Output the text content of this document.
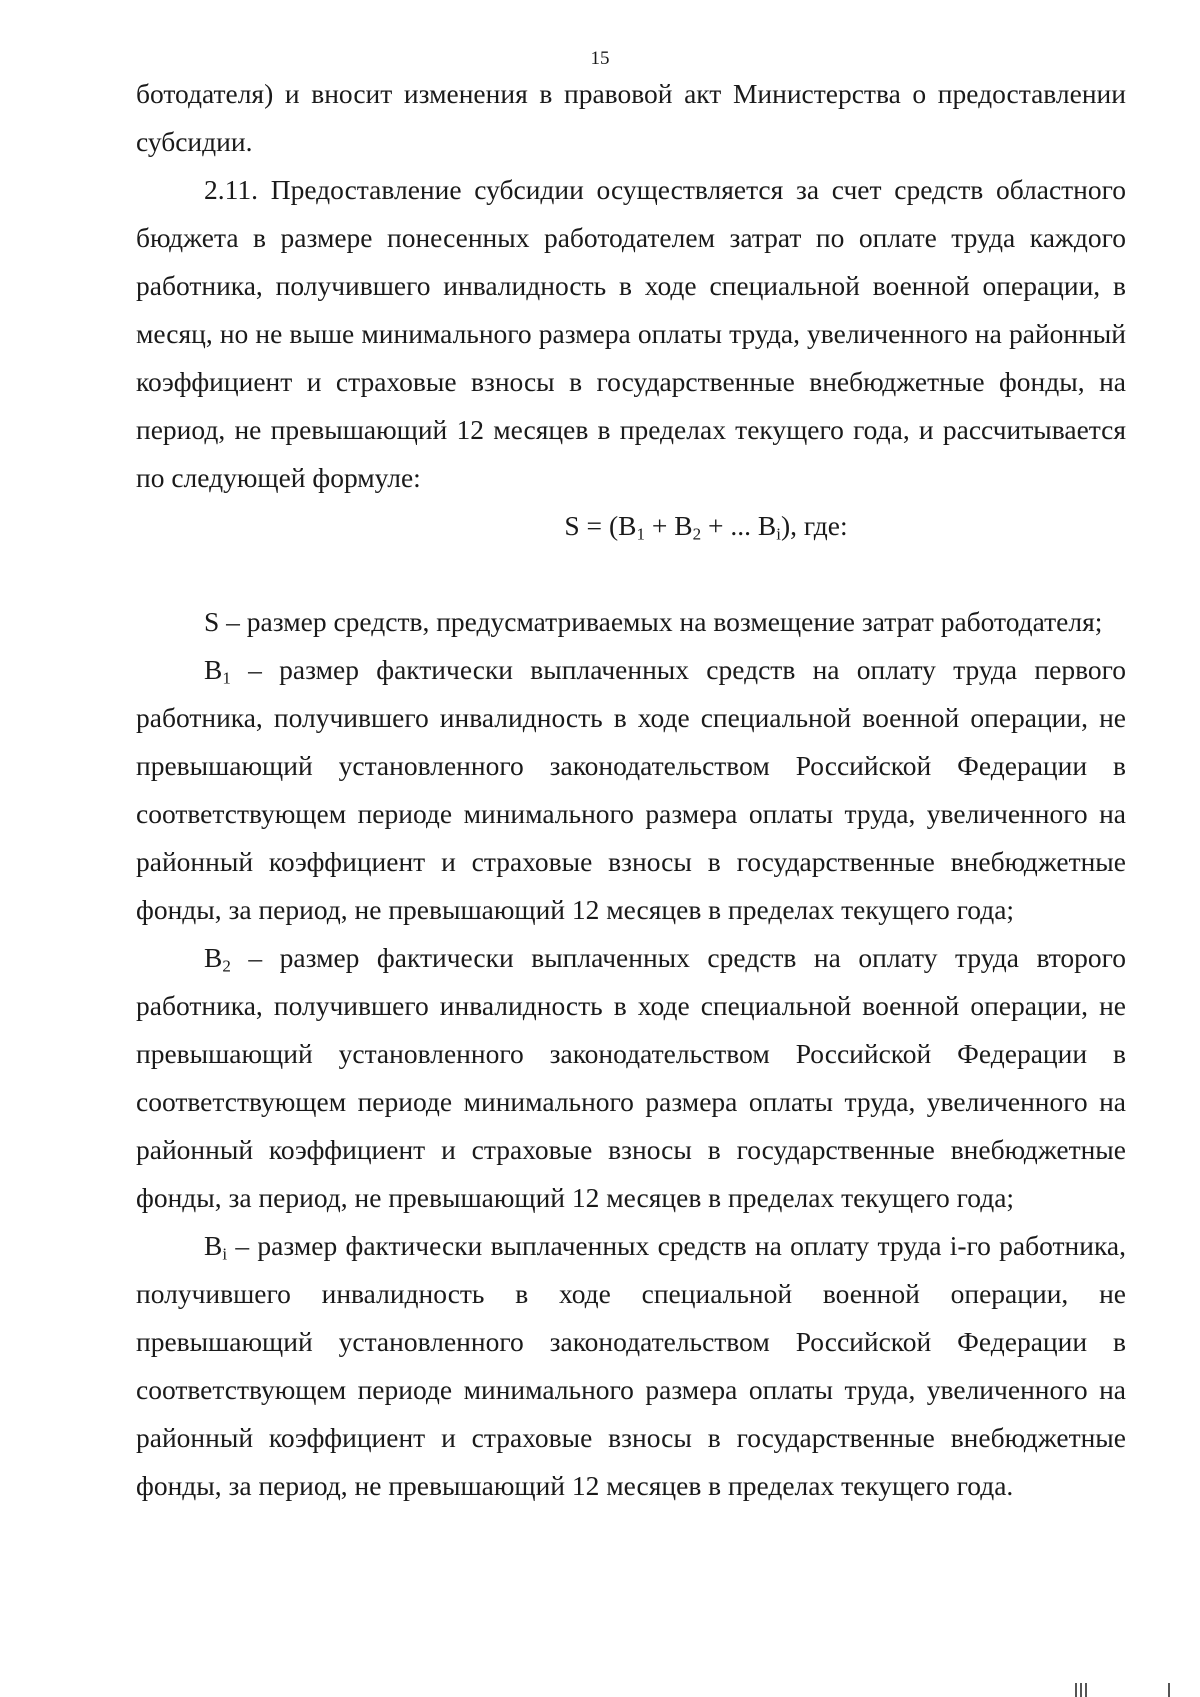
15

ботодателя) и вносит изменения в правовой акт Министерства о предоставлении субсидии.

2.11. Предоставление субсидии осуществляется за счет средств областного бюджета в размере понесенных работодателем затрат по оплате труда каждого работника, получившего инвалидность в ходе специальной военной операции, в месяц, но не выше минимального размера оплаты труда, увеличенного на районный коэффициент и страховые взносы в государственные внебюджетные фонды, на период, не превышающий 12 месяцев в пределах текущего года, и рассчитывается по следующей формуле:

$S = (B_1 + B_2$ + ... $B_i$), где:

S – размер средств, предусматриваемых на возмещение затрат работодателя;

$B_1$ – размер фактически выплаченных средств на оплату труда первого работника, получившего инвалидность в ходе специальной военной операции, не превышающий установленного законодательством Российской Федерации в соответствующем периоде минимального размера оплаты труда, увеличенного на районный коэффициент и страховые взносы в государственные внебюджетные фонды, за период, не превышающий 12 месяцев в пределах текущего года;

$B_2$ – размер фактически выплаченных средств на оплату труда второго работника, получившего инвалидность в ходе специальной военной операции, не превышающий установленного законодательством Российской Федерации в соответствующем периоде минимального размера оплаты труда, увеличенного на районный коэффициент и страховые взносы в государственные внебюджетные фонды, за период, не превышающий 12 месяцев в пределах текущего года;

$B_i$ – размер фактически выплаченных средств на оплату труда i-го работника, получившего инвалидность в ходе специальной военной операции, не превышающий установленного законодательством Российской Федерации в соответствующем периоде минимального размера оплаты труда, увеличенного на районный коэффициент и страховые взносы в государственные внебюджетные фонды, за период, не превышающий 12 месяцев в пределах текущего года.
